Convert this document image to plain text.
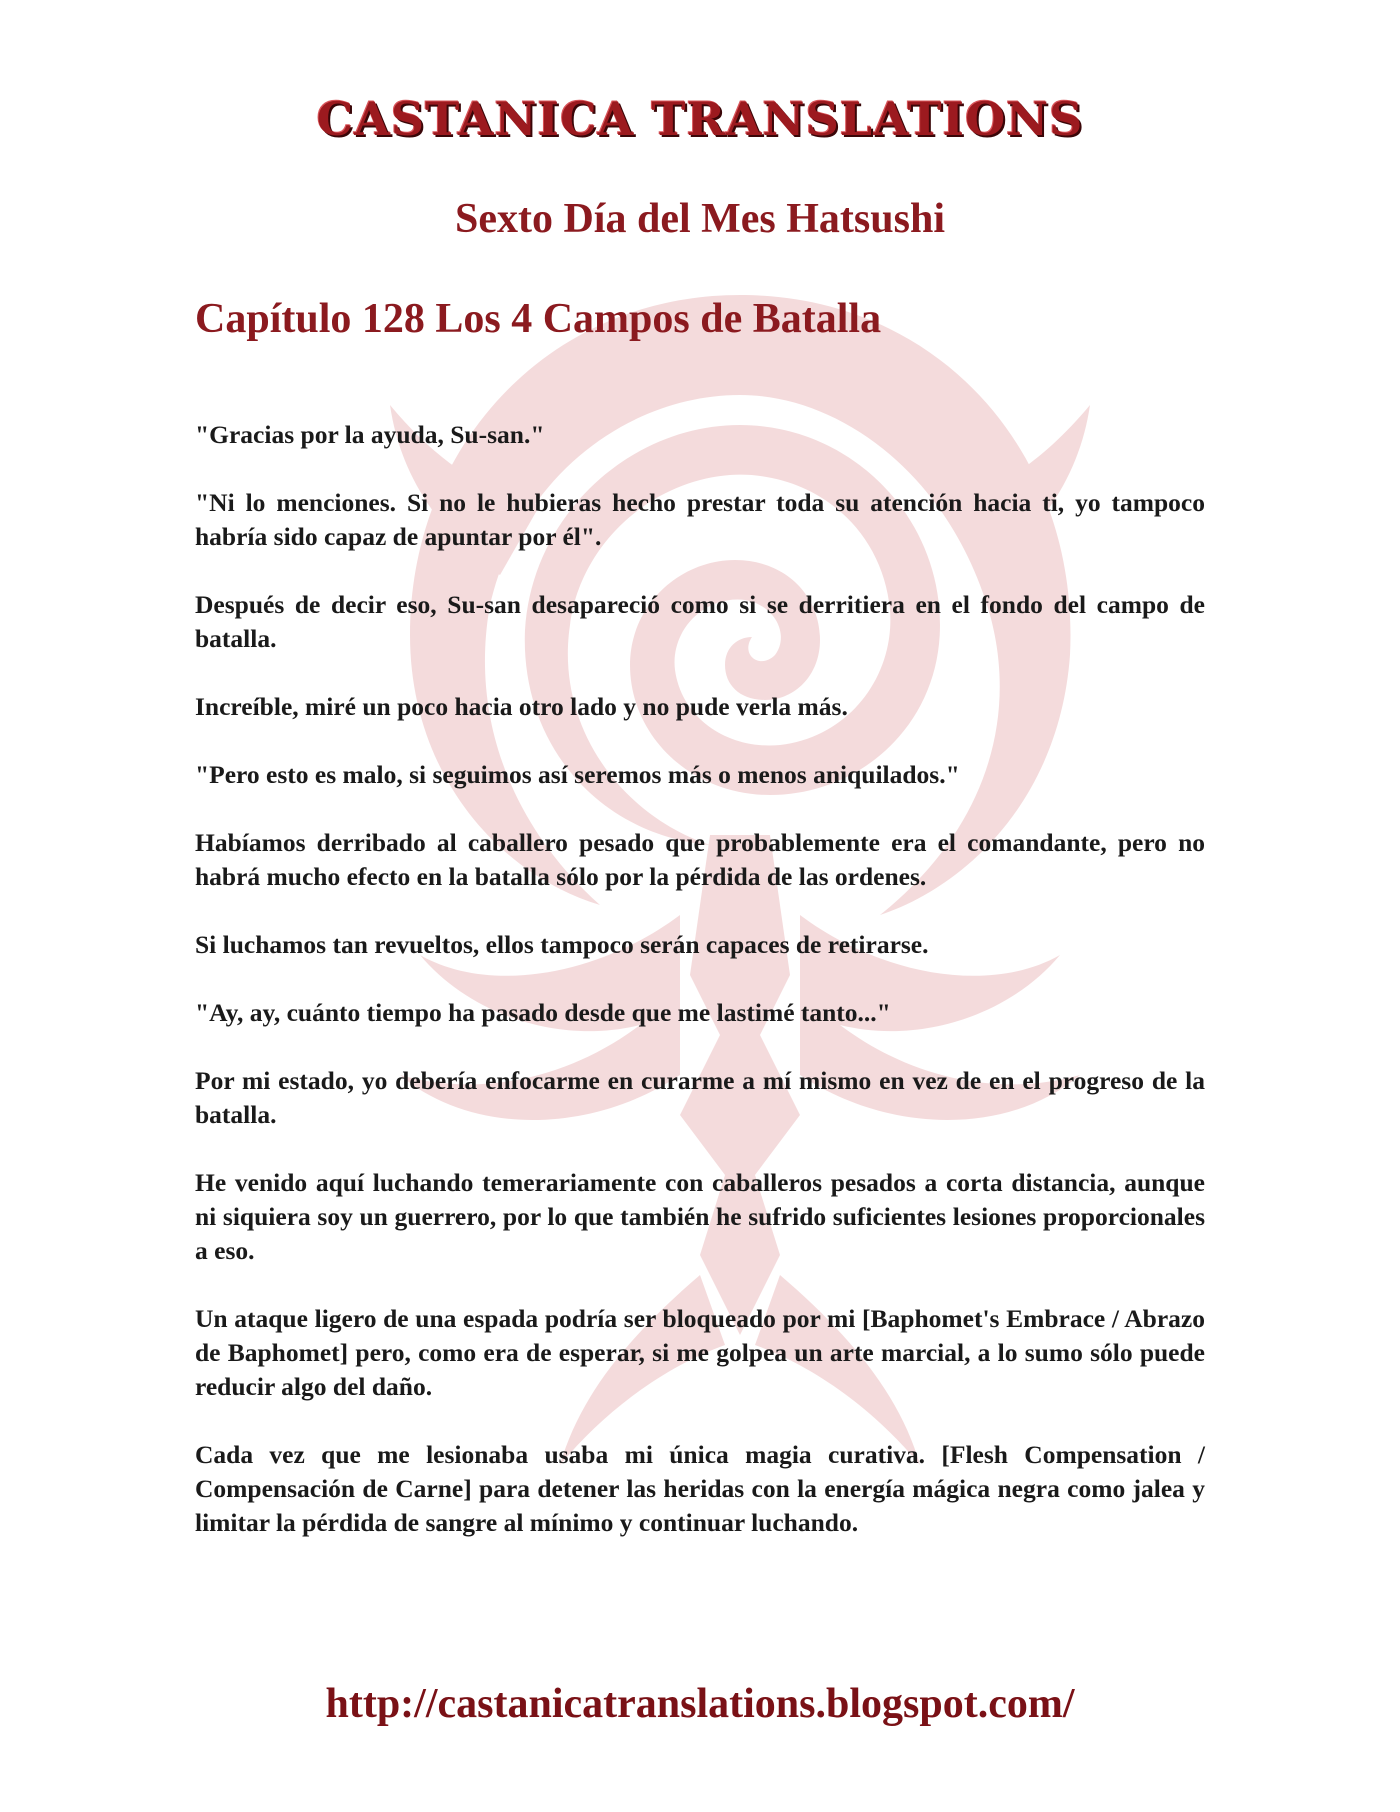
CASTANICA TRANSLATIONS
Sexto Día del Mes Hatsushi
Capítulo 128 Los 4 Campos de Batalla

"Gracias por la ayuda, Su-san."

"Ni lo menciones. Si no le hubieras hecho prestar toda su atención hacia ti, yo tampoco habría sido capaz de apuntar por él".

Después de decir eso, Su-san desapareció como si se derritiera en el fondo del campo de batalla.

Increíble, miré un poco hacia otro lado y no pude verla más.

"Pero esto es malo, si seguimos así seremos más o menos aniquilados."

Habíamos derribado al caballero pesado que probablemente era el comandante, pero no habrá mucho efecto en la batalla sólo por la pérdida de las ordenes.

Si luchamos tan revueltos, ellos tampoco serán capaces de retirarse.

"Ay, ay, cuánto tiempo ha pasado desde que me lastimé tanto..."

Por mi estado, yo debería enfocarme en curarme a mí mismo en vez de en el progreso de la batalla.

He venido aquí luchando temerariamente con caballeros pesados a corta distancia, aunque ni siquiera soy un guerrero, por lo que también he sufrido suficientes lesiones proporcionales a eso.

Un ataque ligero de una espada podría ser bloqueado por mi [Baphomet's Embrace / Abrazo de Baphomet] pero, como era de esperar, si me golpea un arte marcial, a lo sumo sólo puede reducir algo del daño.

Cada vez que me lesionaba usaba mi única magia curativa. [Flesh Compensation / Compensación de Carne] para detener las heridas con la energía mágica negra como jalea y limitar la pérdida de sangre al mínimo y continuar luchando.

http://castanicatranslations.blogspot.com/
